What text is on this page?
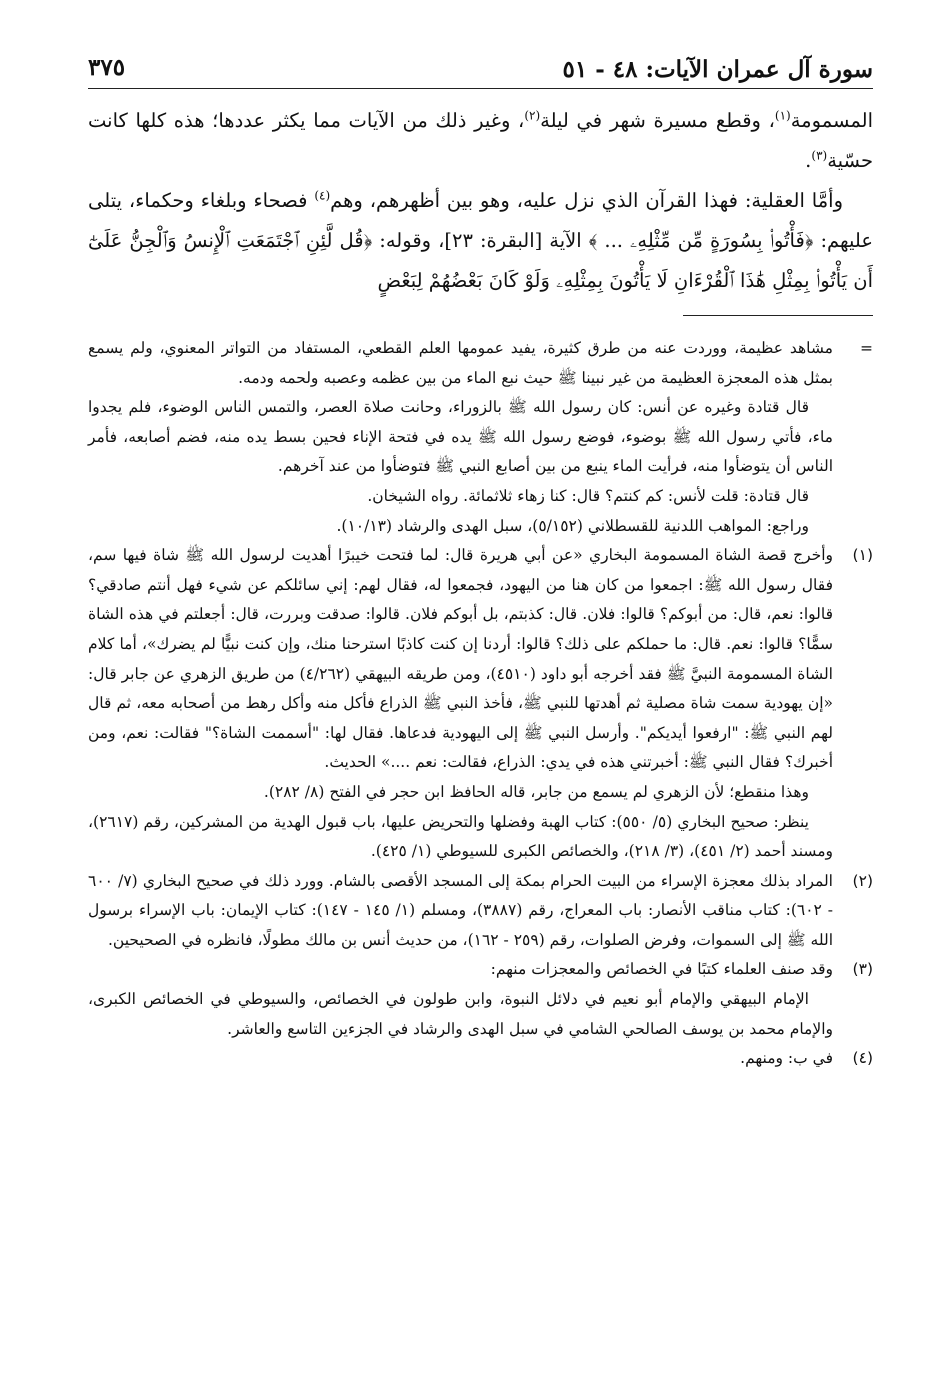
سورة آل عمران الآيات: ٤٨ - ٥١
٣٧٥

المسمومة$^{(١)}$، وقطع مسيرة شهر في ليلة$^{(٢)}$، وغير ذلك من الآيات مما يكثر عددها؛ هذه كلها كانت حسّية$^{(٣)}$.

وأمَّا العقلية: فهذا القرآن الذي نزل عليه، وهو بين أظهرهم، وهم$^{(٤)}$ فصحاء وبلغاء وحكماء، يتلى عليهم: ﴿فَأْتُوا۟ بِسُورَةٍ مِّن مِّثْلِهِۦ ... ﴾ الآية [البقرة: ٢٣]، وقوله: ﴿قُل لَّئِنِ ٱجْتَمَعَتِ ٱلْإِنسُ وَٱلْجِنُّ عَلَىٰٓ أَن يَأْتُوا۟ بِمِثْلِ هَٰذَا ٱلْقُرْءَانِ لَا يَأْتُونَ بِمِثْلِهِۦ وَلَوْ كَانَ بَعْضُهُمْ لِبَعْضٍ

=

مشاهد عظيمة، ووردت عنه من طرق كثيرة، يفيد عمومها العلم القطعي، المستفاد من التواتر المعنوي، ولم يسمع بمثل هذه المعجزة العظيمة من غير نبينا ﷺ حيث نبع الماء من بين عظمه وعصبه ولحمه ودمه.

قال قتادة وغيره عن أنس: كان رسول الله ﷺ بالزوراء، وحانت صلاة العصر، والتمس الناس الوضوء، فلم يجدوا ماء، فأتي رسول الله ﷺ بوضوء، فوضع رسول الله ﷺ يده في فتحة الإناء فحين بسط يده منه، فضم أصابعه، فأمر الناس أن يتوضأوا منه، فرأيت الماء ينبع من بين أصابع النبي ﷺ فتوضأوا من عند آخرهم.

قال قتادة: قلت لأنس: كم كنتم؟ قال: كنا زهاء ثلاثمائة. رواه الشيخان.

وراجع: المواهب اللدنية للقسطلاني (٥/١٥٢)، سبل الهدى والرشاد (١٠/١٣).

(١)

وأخرج قصة الشاة المسمومة البخاري «عن أبي هريرة قال: لما فتحت خيبرًا أهديت لرسول الله ﷺ شاة فيها سم، فقال رسول الله ﷺ: اجمعوا من كان هنا من اليهود، فجمعوا له، فقال لهم: إني سائلكم عن شيء فهل أنتم صادقي؟ قالوا: نعم، قال: من أبوكم؟ قالوا: فلان. قال: كذبتم، بل أبوكم فلان. قالوا: صدقت وبررت، قال: أجعلتم في هذه الشاة سمًّا؟ قالوا: نعم. قال: ما حملكم على ذلك؟ قالوا: أردنا إن كنت كاذبًا استرحنا منك، وإن كنت نبيًّا لم يضرك»، أما كلام الشاة المسمومة النبيَّ ﷺ فقد أخرجه أبو داود (٤٥١٠)، ومن طريقه البيهقي (٤/٢٦٢) من طريق الزهري عن جابر قال: «إن يهودية سمت شاة مصلية ثم أهدتها للنبي ﷺ، فأخذ النبي ﷺ الذراع فأكل منه وأكل رهط من أصحابه معه، ثم قال لهم النبي ﷺ: "ارفعوا أيديكم". وأرسل النبي ﷺ إلى اليهودية فدعاها. فقال لها: "أسممت الشاة؟" فقالت: نعم، ومن أخبرك؟ فقال النبي ﷺ: أخبرتني هذه في يدي: الذراع، فقالت: نعم ....» الحديث.

وهذا منقطع؛ لأن الزهري لم يسمع من جابر، قاله الحافظ ابن حجر في الفتح (٨/ ٢٨٢).

ينظر: صحيح البخاري (٥/ ٥٥٠): كتاب الهبة وفضلها والتحريض عليها، باب قبول الهدية من المشركين، رقم (٢٦١٧)، ومسند أحمد (٢/ ٤٥١)، (٣/ ٢١٨)، والخصائص الكبرى للسيوطي (١/ ٤٢٥).

(٢)

المراد بذلك معجزة الإسراء من البيت الحرام بمكة إلى المسجد الأقصى بالشام. وورد ذلك في صحيح البخاري (٧/ ٦٠٠ - ٦٠٢): كتاب مناقب الأنصار: باب المعراج، رقم (٣٨٨٧)، ومسلم (١/ ١٤٥ - ١٤٧): كتاب الإيمان: باب الإسراء برسول الله ﷺ إلى السموات، وفرض الصلوات، رقم (٢٥٩ - ١٦٢)، من حديث أنس بن مالك مطولًا، فانظره في الصحيحين.

(٣)

وقد صنف العلماء كتبًا في الخصائص والمعجزات منهم:

الإمام البيهقي والإمام أبو نعيم في دلائل النبوة، وابن طولون في الخصائص، والسيوطي في الخصائص الكبرى، والإمام محمد بن يوسف الصالحي الشامي في سبل الهدى والرشاد في الجزءين التاسع والعاشر.

(٤)

في ب: ومنهم.
